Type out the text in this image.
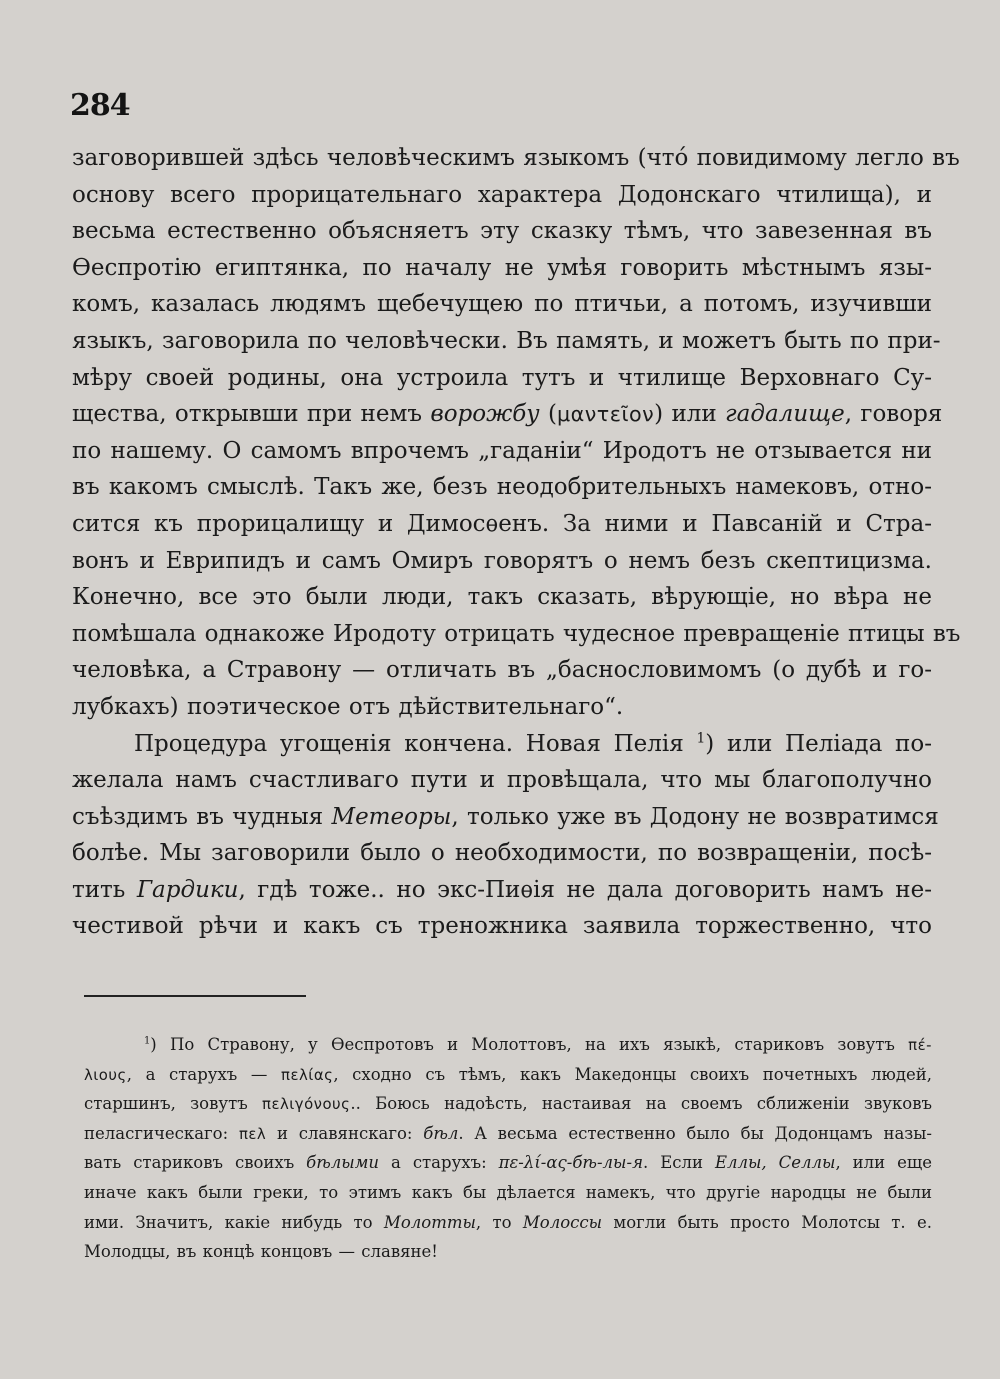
284
заговорившей здѣсь человѣческимъ языкомъ (что́ повидимому легло въ
основу всего прорицательнаго характера Додонскаго чтилища), и
весьма естественно объясняетъ эту сказку тѣмъ, что завезенная въ
Ѳеспротію египтянка, по началу не умѣя говорить мѣстнымъ язы-
комъ, казалась людямъ щебечущею по птичьи, а потомъ, изучивши
языкъ, заговорила по человѣчески. Въ память, и можетъ быть по при-
мѣру своей родины, она устроила тутъ и чтилище Верховнаго Су-
щества, открывши при немъ ворожбу (μαντεῖον) или гадалище, говоря
по нашему. О самомъ впрочемъ „гаданіи“ Иродотъ не отзывается ни
въ какомъ смыслѣ. Такъ же, безъ неодобрительныхъ намековъ, отно-
сится къ прорицалищу и Димосѳенъ. За ними и Павсаній и Стра-
вонъ и Еврипидъ и самъ Омиръ говорятъ о немъ безъ скептицизма.
Конечно, все это были люди, такъ сказать, вѣрующіе, но вѣра не
помѣшала однакоже Иродоту отрицать чудесное превращеніе птицы въ
человѣка, а Стравону — отличать въ „баснословимомъ (о дубѣ и го-
лубкахъ) поэтическое отъ дѣйствительнаго“.
Процедура угощенія кончена. Новая Пелія $^1$) или Пеліада по-
желала намъ счастливаго пути и провѣщала, что мы благополучно
съѣздимъ въ чудныя Метеоры, только уже въ Додону не возвратимся
болѣе. Мы заговорили было о необходимости, по возвращеніи, посѣ-
тить Гардики, гдѣ тоже.. но экс-Пиѳія не дала договорить намъ не-
честивой рѣчи и какъ съ треножника заявила торжественно, что
$^1$) По Стравону, у Ѳеспротовъ и Молоттовъ, на ихъ языкѣ, стариковъ зовутъ πέ-
λιους, а старухъ — πελίας, сходно съ тѣмъ, какъ Македонцы своихъ почетныхъ людей,
старшинъ, зовутъ πελιγόνους.. Боюсь надоѣсть, настаивая на своемъ сближеніи звуковъ
пеласгическаго: πελ и славянскаго: бѣл. А весьма естественно было бы Додонцамъ назы-
вать стариковъ своихъ бѣлыми а старухъ: πε-λί-ας-бѣ-лы-я. Если Еллы, Селлы, или еще
иначе какъ были греки, то этимъ какъ бы дѣлается намекъ, что другіе народцы не были
ими. Значитъ, какіе нибудь то Молотты, то Молоссы могли быть просто Молотсы т. е.
Молодцы, въ концѣ концовъ — славяне!
